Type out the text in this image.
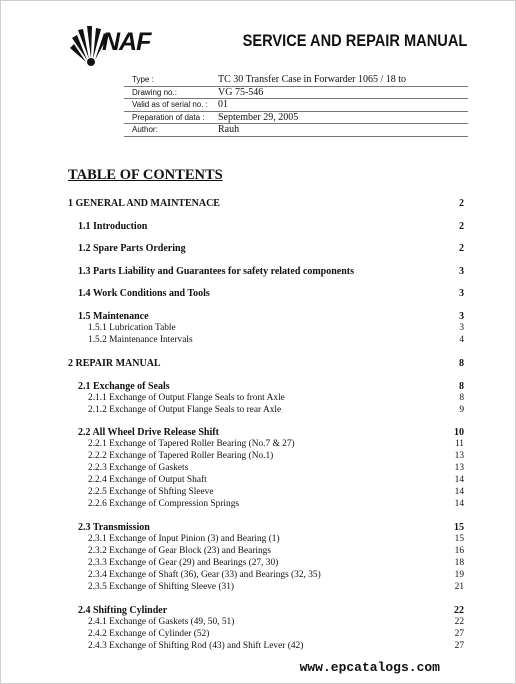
NAF	SERVICE AND REPAIR MANUAL
Type :	TC 30 Transfer Case in Forwarder 1065 / 18 to
Drawing no.:	VG 75-546
Valid as of serial no. :	01
Preparation of data :	September 29, 2005
Author:	Rauh
TABLE OF CONTENTS
1 GENERAL AND MAINTENACE	2
1.1 Introduction	2
1.2 Spare Parts Ordering	2
1.3 Parts Liability and Guarantees for safety related components	3
1.4 Work Conditions and Tools	3
1.5 Maintenance	3
1.5.1 Lubrication Table	3
1.5.2 Maintenance Intervals	4
2 REPAIR MANUAL	8
2.1 Exchange of Seals	8
2.1.1 Exchange of Output Flange Seals to front Axle	8
2.1.2 Exchange of Output Flange Seals to rear Axle	9
2.2 All Wheel Drive Release Shift	10
2.2.1 Exchange of Tapered Roller Bearing (No.7 & 27)	11
2.2.2 Exchange of Tapered Roller Bearing (No.1)	13
2.2.3 Exchange of Gaskets	13
2.2.4 Exchange of Output Shaft	14
2.2.5 Exchange of Shfting Sleeve	14
2.2.6 Exchange of Compression Springs	14
2.3 Transmission	15
2.3.1 Exchange of Input Pinion (3) and Bearing (1)	15
2.3.2 Exchange of Gear Block (23) and Bearings	16
2.3.3 Exchange of Gear (29) and Bearings (27, 30)	18
2.3.4 Exchange of Shaft (36), Gear (33) and Bearings (32, 35)	19
2.3.5 Exchange of Shifting Sleeve (31)	21
2.4 Shifting Cylinder	22
2.4.1 Exchange of Gaskets (49, 50, 51)	22
2.4.2 Exchange of Cylinder (52)	27
2.4.3 Exchange of Shifting Rod (43) and Shift Lever (42)	27
www.epcatalogs.com
